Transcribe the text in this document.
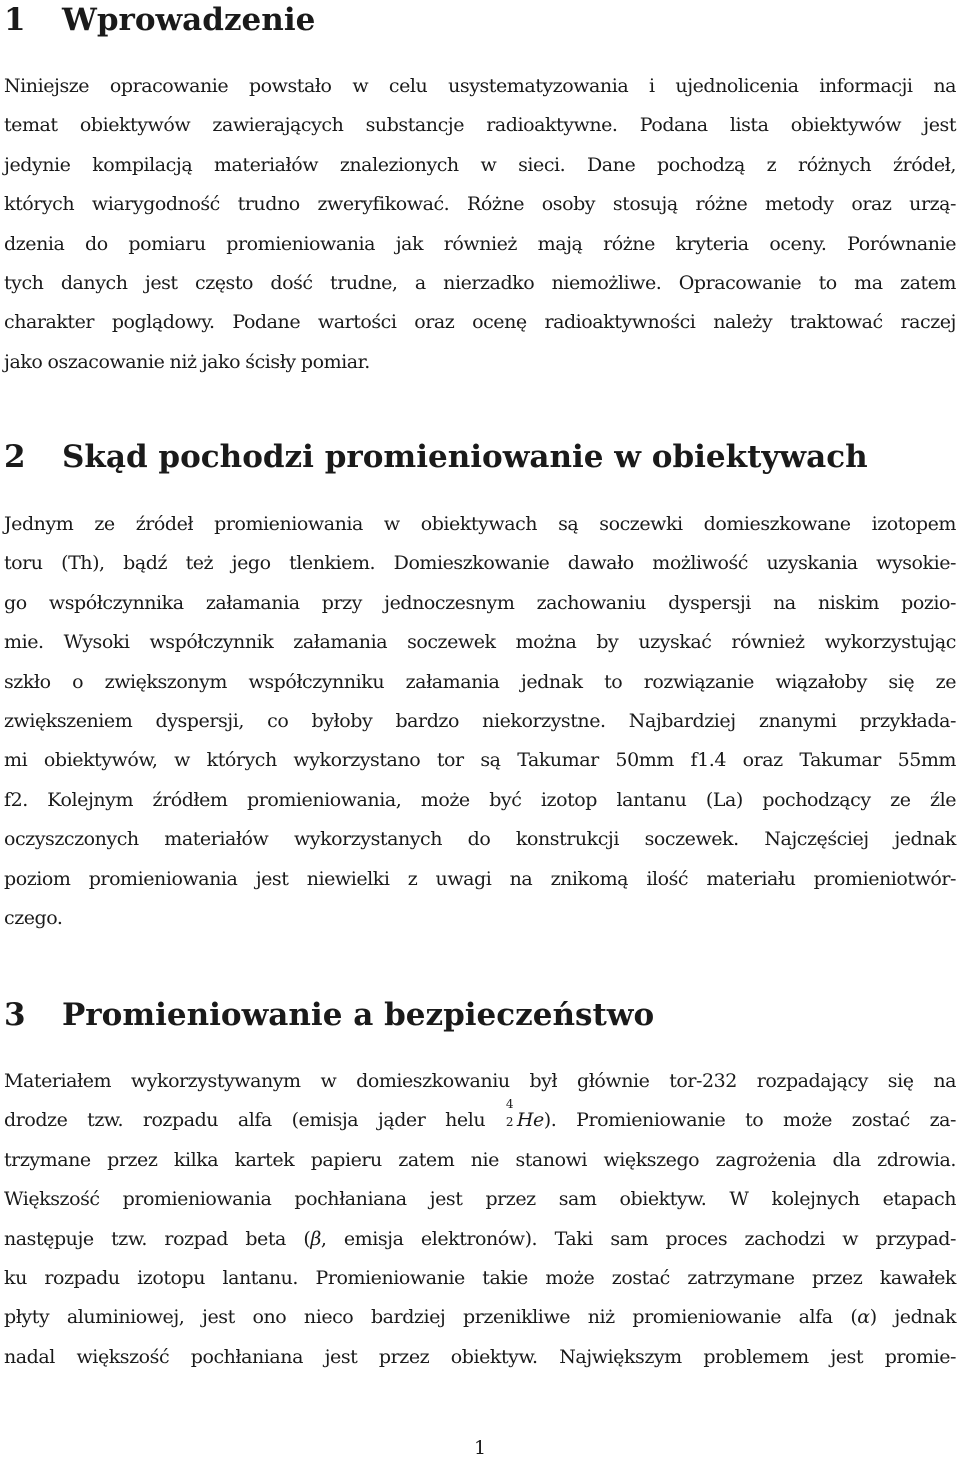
1	Wprowadzenie
Niniejsze opracowanie powstało w celu usystematyzowania i ujednolicenia informacji na
temat obiektywów zawierających substancje radioaktywne. Podana lista obiektywów jest
jedynie kompilacją materiałów znalezionych w sieci. Dane pochodzą z różnych źródeł,
których wiarygodność trudno zweryfikować. Różne osoby stosują różne metody oraz urzą-
dzenia do pomiaru promieniowania jak również mają różne kryteria oceny. Porównanie
tych danych jest często dość trudne, a nierzadko niemożliwe. Opracowanie to ma zatem
charakter poglądowy. Podane wartości oraz ocenę radioaktywności należy traktować raczej
jako oszacowanie niż jako ścisły pomiar.
2	Skąd pochodzi promieniowanie w obiektywach
Jednym ze źródeł promieniowania w obiektywach są soczewki domieszkowane izotopem
toru (Th), bądź też jego tlenkiem. Domieszkowanie dawało możliwość uzyskania wysokie-
go współczynnika załamania przy jednoczesnym zachowaniu dyspersji na niskim pozio-
mie. Wysoki współczynnik załamania soczewek można by uzyskać również wykorzystując
szkło o zwiększonym współczynniku załamania jednak to rozwiązanie wiązałoby się ze
zwiększeniem dyspersji, co byłoby bardzo niekorzystne. Najbardziej znanymi przykłada-
mi obiektywów, w których wykorzystano tor są Takumar 50mm f1.4 oraz Takumar 55mm
f2. Kolejnym źródłem promieniowania, może być izotop lantanu (La) pochodzący ze źle
oczyszczonych materiałów wykorzystanych do konstrukcji soczewek. Najczęściej jednak
poziom promieniowania jest niewielki z uwagi na znikomą ilość materiału promieniotwór-
czego.
3	Promieniowanie a bezpieczeństwo
Materiałem wykorzystywanym w domieszkowaniu był głównie tor-232 rozpadający się na
drodze tzw. rozpadu alfa (emisja jąder helu
4
2 He). Promieniowanie to może zostać za-
trzymane przez kilka kartek papieru zatem nie stanowi większego zagrożenia dla zdrowia.
Większość promieniowania pochłaniana jest przez sam obiektyw. W kolejnych etapach
następuje tzw. rozpad beta (β, emisja elektronów). Taki sam proces zachodzi w przypad-
ku rozpadu izotopu lantanu. Promieniowanie takie może zostać zatrzymane przez kawałek
płyty aluminiowej, jest ono nieco bardziej przenikliwe niż promieniowanie alfa (α) jednak
nadal większość pochłaniana jest przez obiektyw. Największym problemem jest promie-
1
